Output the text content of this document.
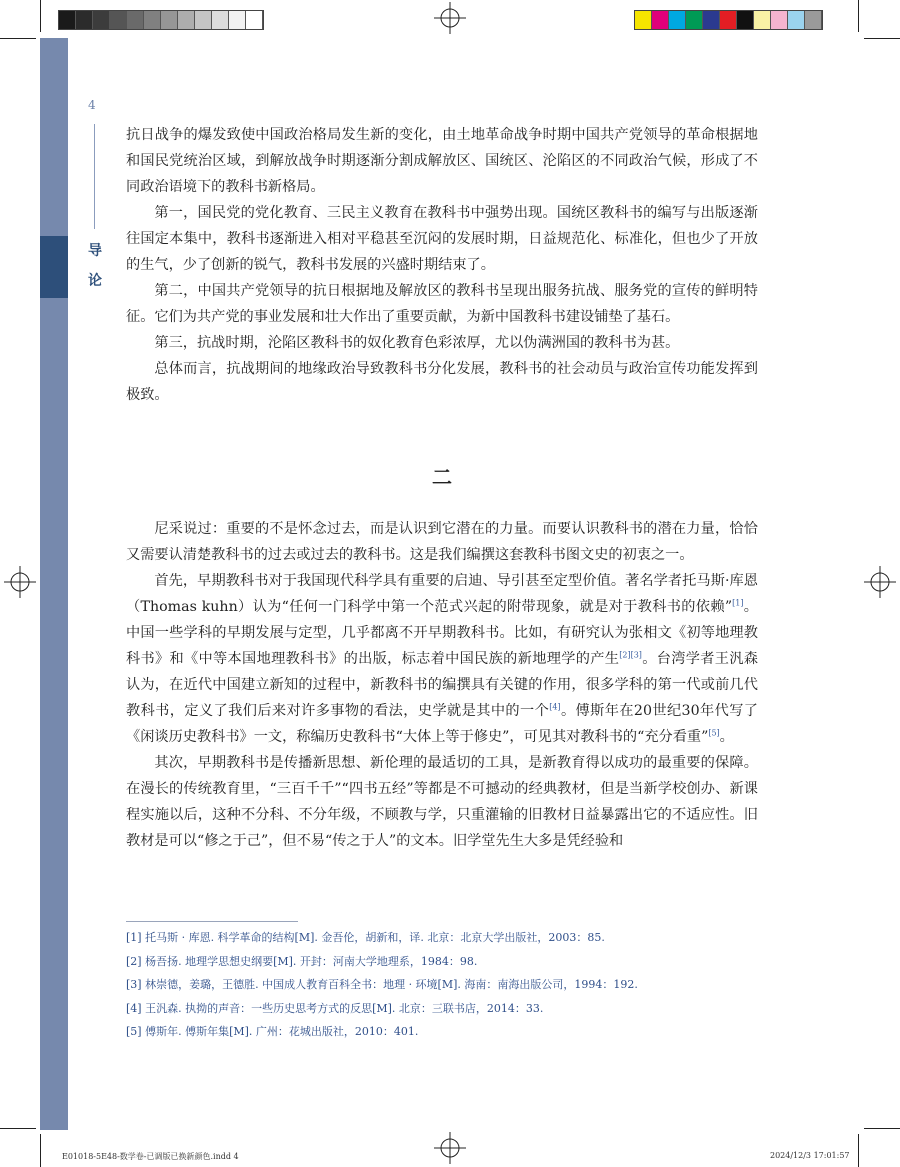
4
导
论

抗日战争的爆发致使中国政治格局发生新的变化，由土地革命战争时期中国共产党领导的革命根据地和国民党统治区域，到解放战争时期逐渐分割成解放区、国统区、沦陷区的不同政治气候，形成了不同政治语境下的教科书新格局。

第一，国民党的党化教育、三民主义教育在教科书中强势出现。国统区教科书的编写与出版逐渐往国定本集中，教科书逐渐进入相对平稳甚至沉闷的发展时期，日益规范化、标准化，但也少了开放的生气，少了创新的锐气，教科书发展的兴盛时期结束了。

第二，中国共产党领导的抗日根据地及解放区的教科书呈现出服务抗战、服务党的宣传的鲜明特征。它们为共产党的事业发展和壮大作出了重要贡献，为新中国教科书建设铺垫了基石。

第三，抗战时期，沦陷区教科书的奴化教育色彩浓厚，尤以伪满洲国的教科书为甚。

总体而言，抗战期间的地缘政治导致教科书分化发展，教科书的社会动员与政治宣传功能发挥到极致。

二

尼采说过：重要的不是怀念过去，而是认识到它潜在的力量。而要认识教科书的潜在力量，恰恰又需要认清楚教科书的过去或过去的教科书。这是我们编撰这套教科书图文史的初衷之一。

首先，早期教科书对于我国现代科学具有重要的启迪、导引甚至定型价值。著名学者托马斯·库恩（Thomas kuhn）认为“任何一门科学中第一个范式兴起的附带现象，就是对于教科书的依赖”[1]。中国一些学科的早期发展与定型，几乎都离不开早期教科书。比如，有研究认为张相文《初等地理教科书》和《中等本国地理教科书》的出版，标志着中国民族的新地理学的产生[2][3]。台湾学者王汎森认为，在近代中国建立新知的过程中，新教科书的编撰具有关键的作用，很多学科的第一代或前几代教科书，定义了我们后来对许多事物的看法，史学就是其中的一个[4]。傅斯年在20世纪30年代写了《闲谈历史教科书》一文，称编历史教科书“大体上等于修史”，可见其对教科书的“充分看重”[5]。

其次，早期教科书是传播新思想、新伦理的最适切的工具，是新教育得以成功的最重要的保障。在漫长的传统教育里，“三百千千”“四书五经”等都是不可撼动的经典教材，但是当新学校创办、新课程实施以后，这种不分科、不分年级，不顾教与学，只重灌输的旧教材日益暴露出它的不适应性。旧教材是可以“修之于己”，但不易“传之于人”的文本。旧学堂先生大多是凭经验和

[1] 托马斯 · 库恩. 科学革命的结构[M]. 金吾伦，胡新和，译. 北京：北京大学出版社，2003：85.
[2] 杨吾扬. 地理学思想史纲要[M]. 开封：河南大学地理系，1984：98.
[3] 林崇德，姜璐，王德胜. 中国成人教育百科全书：地理 · 环境[M]. 海南：南海出版公司，1994：192.
[4] 王汎森. 执拗的声音：一些历史思考方式的反思[M]. 北京：三联书店，2014：33.
[5] 傅斯年. 傅斯年集[M]. 广州：花城出版社，2010：401.
E01018-5E48-数学卷-已调版已换新颜色.indd 4	2024/12/3 17:01:57
